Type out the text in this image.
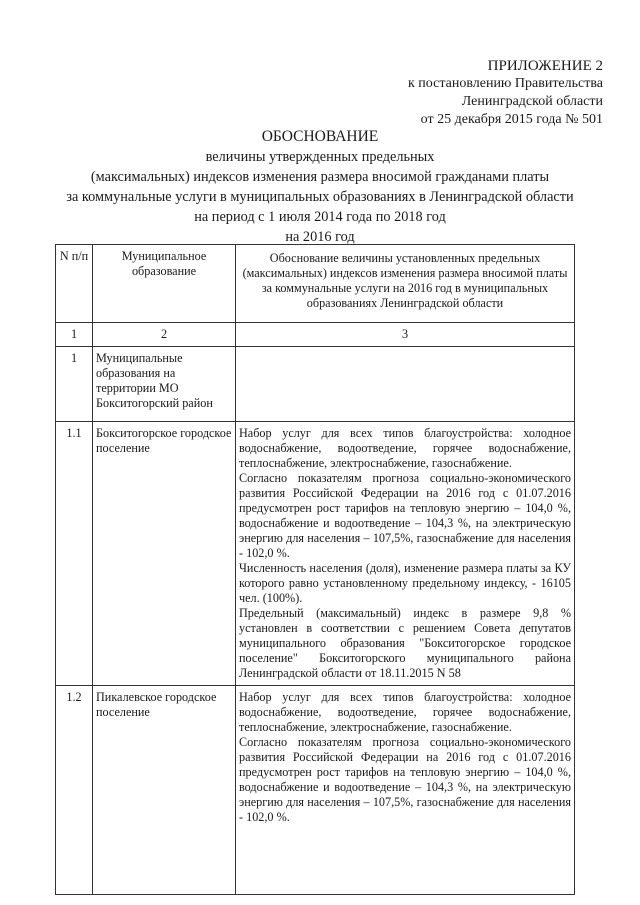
ПРИЛОЖЕНИЕ 2
к постановлению Правительства
Ленинградской области
от 25 декабря 2015 года № 501
ОБОСНОВАНИЕ
величины утвержденных предельных
(максимальных) индексов изменения размера вносимой гражданами платы
за коммунальные услуги в муниципальных образованиях в Ленинградской области
на период с 1 июля 2014 года по 2018 год
на 2016 год
N п/п	Муниципальное образование	Обоснование величины установленных предельных (максимальных) индексов изменения размера вносимой платы за коммунальные услуги на 2016 год в муниципальных образованиях Ленинградской области
1	2	3
1	Муниципальные образования на территории МО Бокситогорский район	
1.1	Бокситогорское городское поселение	Набор услуг для всех типов благоустройства: холодное водоснабжение, водоотведение, горячее водоснабжение, теплоснабжение, электроснабжение, газоснабжение.

Согласно показателям прогноза социально-экономического развития Российской Федерации на 2016 год с 01.07.2016 предусмотрен рост тарифов на тепловую энергию – 104,0 %, водоснабжение и водоотведение – 104,3 %, на электрическую энергию для населения – 107,5%, газоснабжение для населения - 102,0 %.

Численность населения (доля), изменение размера платы за КУ которого равно установленному предельному индексу, - 16105 чел. (100%).

Предельный (максимальный) индекс в размере 9,8 % установлен в соответствии с решением Совета депутатов муниципального образования "Бокситогорское городское поселение" Бокситогорского муниципального района Ленинградской области от 18.11.2015 N 58

1.2	Пикалевское городское поселение	Набор услуг для всех типов благоустройства: холодное водоснабжение, водоотведение, горячее водоснабжение, теплоснабжение, электроснабжение, газоснабжение.

Согласно показателям прогноза социально-экономического развития Российской Федерации на 2016 год с 01.07.2016 предусмотрен рост тарифов на тепловую энергию – 104,0 %, водоснабжение и водоотведение – 104,3 %, на электрическую энергию для населения – 107,5%, газоснабжение для населения - 102,0 %.
